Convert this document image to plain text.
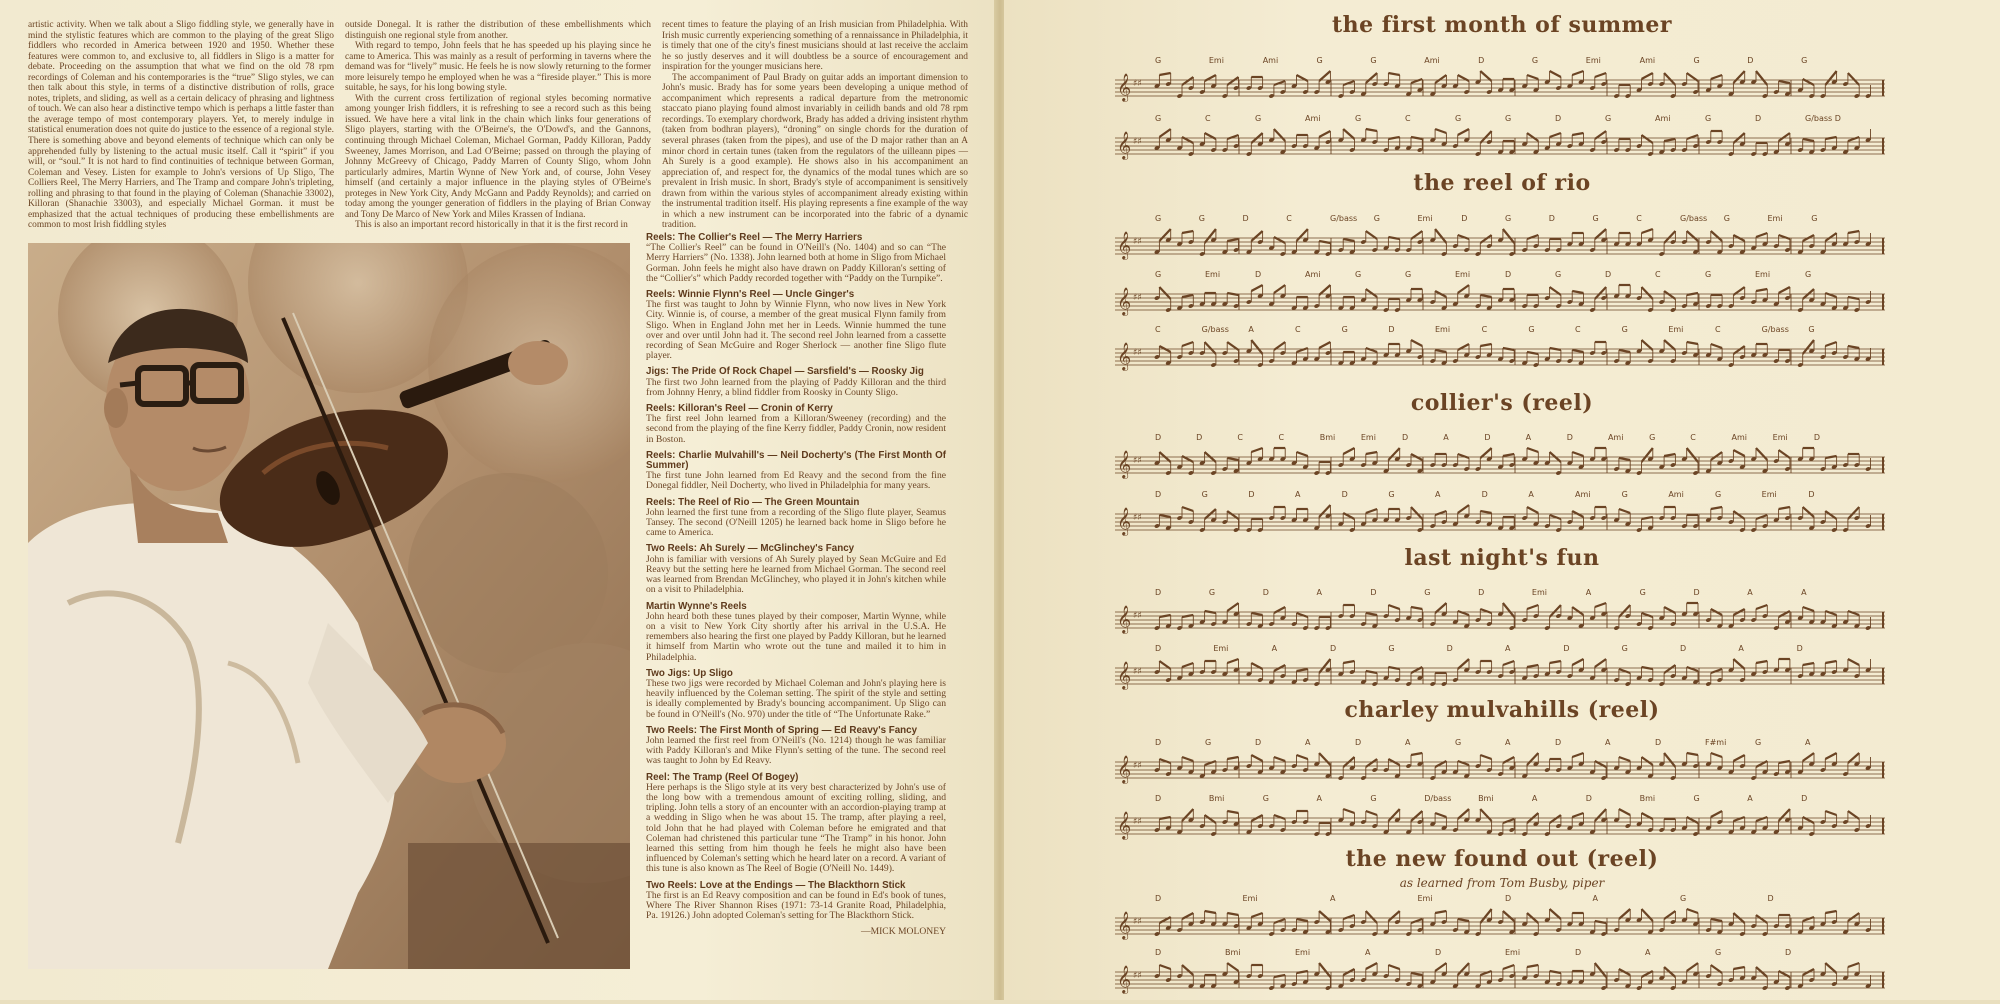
artistic activity. When we talk about a Sligo fiddling style, we generally have in mind the stylistic features which are common to the playing of the great Sligo fiddlers who recorded in America between 1920 and 1950. Whether these features were common to, and exclusive to, all fiddlers in Sligo is a matter for debate. Proceeding on the assumption that what we find on the old 78 rpm recordings of Coleman and his contemporaries is the “true” Sligo styles, we can then talk about this style, in terms of a distinctive distribution of rolls, grace notes, triplets, and sliding, as well as a certain delicacy of phrasing and lightness of touch. We can also hear a distinctive tempo which is perhaps a little faster than the average tempo of most contemporary players. Yet, to merely indulge in statistical enumeration does not quite do justice to the essence of a regional style. There is something above and beyond elements of technique which can only be apprehended fully by listening to the actual music itself. Call it “spirit” if you will, or “soul.” It is not hard to find continuities of technique between Gorman, Coleman and Vesey. Listen for example to John's versions of Up Sligo, The Colliers Reel, The Merry Harriers, and The Tramp and compare John's tripleting, rolling and phrasing to that found in the playing of Coleman (Shanachie 33002), Killoran (Shanachie 33003), and especially Michael Gorman. it must be emphasized that the actual techniques of producing these embellishments are common to most Irish fiddling styles

outside Donegal. It is rather the distribution of these embellishments which distinguish one regional style from another.

With regard to tempo, John feels that he has speeded up his playing since he came to America. This was mainly as a result of performing in taverns where the demand was for “lively” music. He feels he is now slowly returning to the former more leisurely tempo he employed when he was a “fireside player.” This is more suitable, he says, for his long bowing style.

With the current cross fertilization of regional styles becoming normative among younger Irish fiddlers, it is refreshing to see a record such as this being issued. We have here a vital link in the chain which links four generations of Sligo players, starting with the O'Beirne's, the O'Dowd's, and the Gannons, continuing through Michael Coleman, Michael Gorman, Paddy Killoran, Paddy Sweeney, James Morrison, and Lad O'Beirne; passed on through the playing of Johnny McGreevy of Chicago, Paddy Marren of County Sligo, whom John particularly admires, Martin Wynne of New York and, of course, John Vesey himself (and certainly a major influence in the playing styles of O'Beirne's proteges in New York City, Andy McGann and Paddy Reynolds); and carried on today among the younger generation of fiddlers in the playing of Brian Conway and Tony De Marco of New York and Miles Krassen of Indiana.

This is also an important record historically in that it is the first record in

recent times to feature the playing of an Irish musician from Philadelphia. With Irish music currently experiencing something of a rennaissance in Philadelphia, it is timely that one of the city's finest musicians should at last receive the acclaim he so justly deserves and it will doubtless be a source of encouragement and inspiration for the younger musicians here.

The accompaniment of Paul Brady on guitar adds an important dimension to John's music. Brady has for some years been developing a unique method of accompaniment which represents a radical departure from the metronomic staccato piano playing found almost invariably in ceilidh bands and old 78 rpm recordings. To exemplary chordwork, Brady has added a driving insistent rhythm (taken from bodhran players), “droning” on single chords for the duration of several phrases (taken from the pipes), and use of the D major rather than an A minor chord in certain tunes (taken from the regulators of the uilleann pipes — Ah Surely is a good example). He shows also in his accompaniment an appreciation of, and respect for, the dynamics of the modal tunes which are so prevalent in Irish music. In short, Brady's style of accompaniment is sensitively drawn from within the various styles of accompaniment already existing within the instrumental tradition itself. His playing represents a fine example of the way in which a new instrument can be incorporated into the fabric of a dynamic tradition.

Reels: The Collier's Reel — The Merry Harriers
“The Collier's Reel” can be found in O'Neill's (No. 1404) and so can “The Merry Harriers” (No. 1338). John learned both at home in Sligo from Michael Gorman. John feels he might also have drawn on Paddy Killoran's setting of the “Collier's” which Paddy recorded together with “Paddy on the Turnpike”.
Reels: Winnie Flynn's Reel — Uncle Ginger's
The first was taught to John by Winnie Flynn, who now lives in New York City. Winnie is, of course, a member of the great musical Flynn family from Sligo. When in England John met her in Leeds. Winnie hummed the tune over and over until John had it. The second reel John learned from a cassette recording of Sean McGuire and Roger Sherlock — another fine Sligo flute player.
Jigs: The Pride Of Rock Chapel — Sarsfield's — Roosky Jig
The first two John learned from the playing of Paddy Killoran and the third from Johnny Henry, a blind fiddler from Roosky in County Sligo.
Reels: Killoran's Reel — Cronin of Kerry
The first reel John learned from a Killoran/Sweeney (recording) and the second from the playing of the fine Kerry fiddler, Paddy Cronin, now resident in Boston.
Reels: Charlie Mulvahill's — Neil Docherty's (The First Month Of Summer)
The first tune John learned from Ed Reavy and the second from the fine Donegal fiddler, Neil Docherty, who lived in Philadelphia for many years.
Reels: The Reel of Rio — The Green Mountain
John learned the first tune from a recording of the Sligo flute player, Seamus Tansey. The second (O'Neill 1205) he learned back home in Sligo before he came to America.
Two Reels: Ah Surely — McGlinchey's Fancy
John is familiar with versions of Ah Surely played by Sean McGuire and Ed Reavy but the setting here he learned from Michael Gorman. The second reel was learned from Brendan McGlinchey, who played it in John's kitchen while on a visit to Philadelphia.
Martin Wynne's Reels
John heard both these tunes played by their composer, Martin Wynne, while on a visit to New York City shortly after his arrival in the U.S.A. He remembers also hearing the first one played by Paddy Killoran, but he learned it himself from Martin who wrote out the tune and mailed it to him in Philadelphia.
Two Jigs: Up Sligo
These two jigs were recorded by Michael Coleman and John's playing here is heavily influenced by the Coleman setting. The spirit of the style and setting is ideally complemented by Brady's bouncing accompaniment. Up Sligo can be found in O'Neill's (No. 970) under the title of “The Unfortunate Rake.”
Two Reels: The First Month of Spring — Ed Reavy's Fancy
John learned the first reel from O'Neill's (No. 1214) though he was familiar with Paddy Killoran's and Mike Flynn's setting of the tune. The second reel was taught to John by Ed Reavy.
Reel: The Tramp (Reel Of Bogey)
Here perhaps is the Sligo style at its very best characterized by John's use of the long bow with a tremendous amount of exciting rolling, sliding, and tripling. John tells a story of an encounter with an accordion-playing tramp at a wedding in Sligo when he was about 15. The tramp, after playing a reel, told John that he had played with Coleman before he emigrated and that Coleman had christened this particular tune “The Tramp” in his honor. John learned this setting from him though he feels he might also have been influenced by Coleman's setting which he heard later on a record. A variant of this tune is also known as The Reel of Bogie (O'Neill No. 1449).
Two Reels: Love at the Endings — The Blackthorn Stick
The first is an Ed Reavy composition and can be found in Ed's book of tunes, Where The River Shannon Rises (1971: 73-14 Granite Road, Philadelphia, Pa. 19126.) John adopted Coleman's setting for The Blackthorn Stick.
—MICK MOLONEY
the first month of summer
G	Emi	Ami	G	G	Ami	D	G	Emi	Ami	G	D	G
𝄞 ♯♯
G	C	G	Ami	G	C	G	G	D	G	Ami	G	D	G/bass D
𝄞 ♯♯
the reel of rio
G	G	D	C	G/bass G	Emi	D	G	D	G	C	G/bass G	Emi	G
𝄞 ♯♯
G	Emi	D	Ami	G	G	Emi	D	G	D	C	G	Emi	G
𝄞 ♯♯
C	G/bass A	C	G	D	Emi	C	G	C	G	Emi	C	G/bass G
𝄞 ♯♯
collier's (reel)
D	D	C	C	Bmi	Emi	D	A	D	A	D	Ami	G	C	Ami	Emi	D
𝄞 ♯♯
D	G	D	A	D	G	A	D	A	Ami	G	Ami	G	Emi	D
𝄞 ♯♯
last night's fun
D	G	D	A	D	G	D	Emi	A	G	D	A	A
𝄞 ♯♯
D	Emi	A	D	G	D	A	D	G	D	A	D
𝄞 ♯♯
charley mulvahills (reel)
D	G	D	A	D	A	G	A	D	A	D	F#mi	G	A
𝄞 ♯♯
D	Bmi	G	A	G	D/bass	Bmi	A	D	Bmi	G	A	D
𝄞 ♯♯
the new found out (reel)
as learned from Tom Busby, piper
D	Emi	A	Emi	D	A	G	D
𝄞 ♯♯
D	Bmi	Emi	A	D	Emi	D	A	G	D
𝄞 ♯♯
